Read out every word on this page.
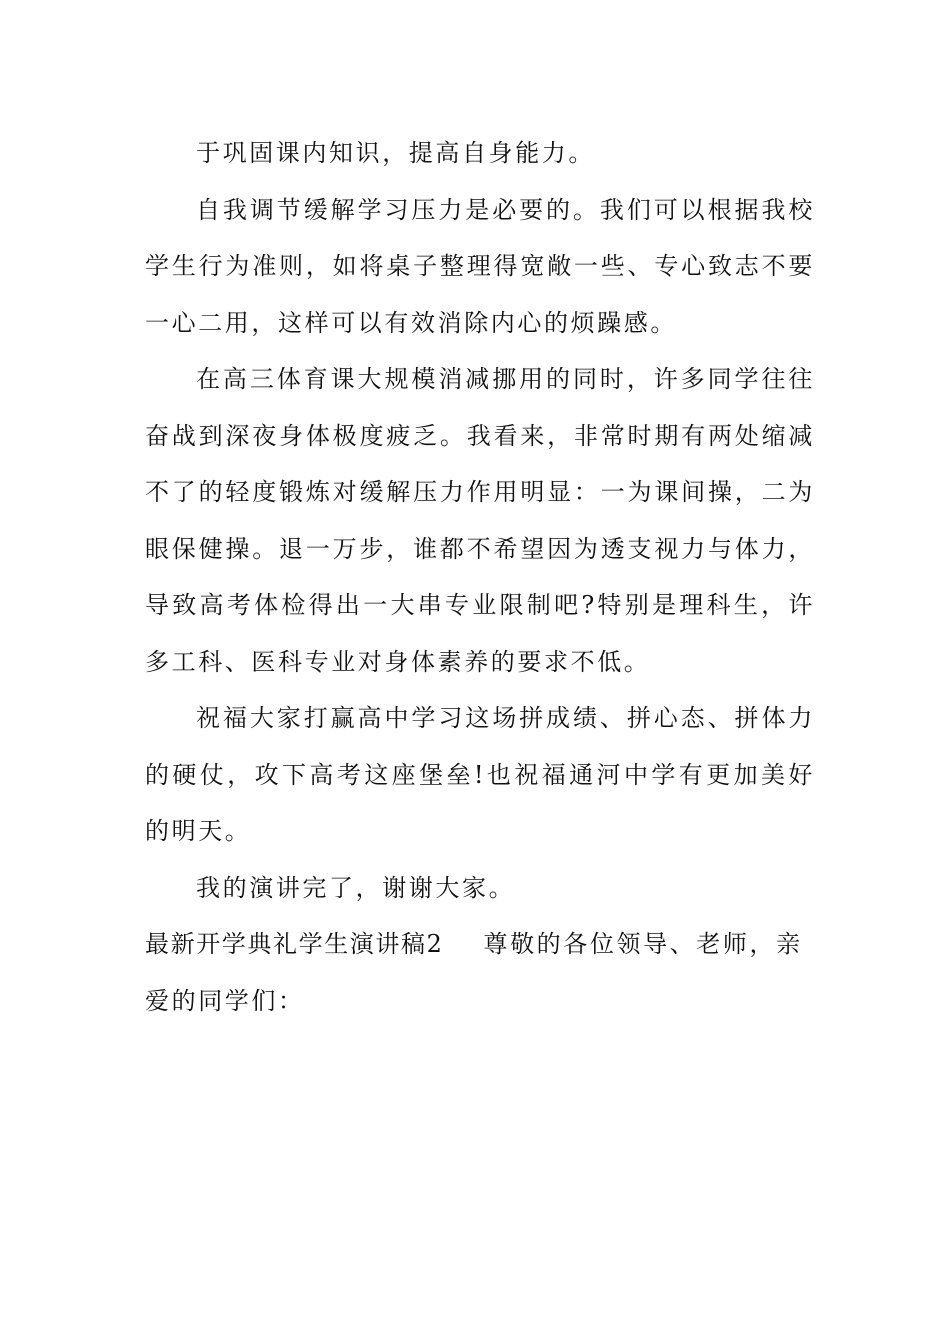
于巩固课内知识，提高自身能力。

自我调节缓解学习压力是必要的。我们可以根据我校学生行为准则，如将桌子整理得宽敞一些、专心致志不要一心二用，这样可以有效消除内心的烦躁感。

在高三体育课大规模消减挪用的同时，许多同学往往奋战到深夜身体极度疲乏。我看来，非常时期有两处缩减不了的轻度锻炼对缓解压力作用明显：一为课间操，二为眼保健操。退一万步，谁都不希望因为透支视力与体力，导致高考体检得出一大串专业限制吧?特别是理科生，许多工科、医科专业对身体素养的要求不低。

祝福大家打赢高中学习这场拼成绩、拼心态、拼体力的硬仗，攻下高考这座堡垒!也祝福通河中学有更加美好的明天。

我的演讲完了，谢谢大家。

最新开学典礼学生演讲稿2 尊敬的各位领导、老师，亲爱的同学们：
